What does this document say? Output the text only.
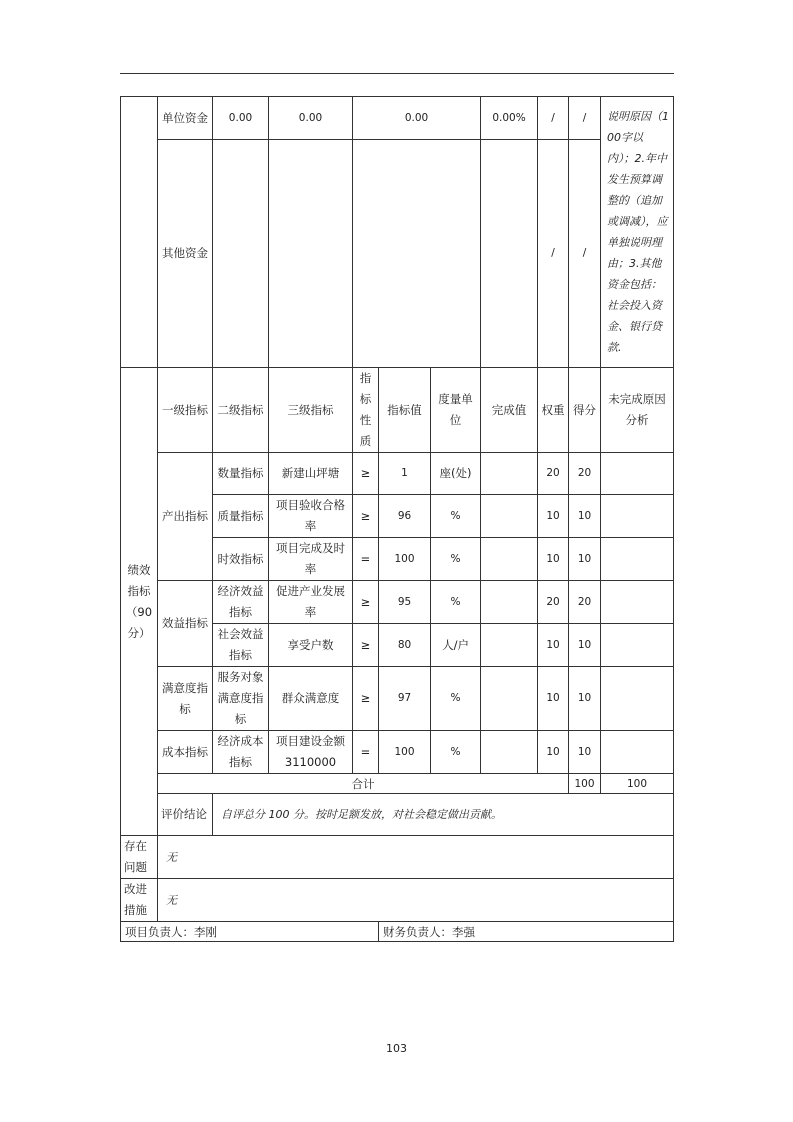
	单位资金	0.00	0.00	0.00			0.00%	/	/	说明原因（100字以内）；2.年中发生预算调整的（追加或调减），应单独说明理由；3.其他资金包括：社会投入资金、银行贷款.	
	其他资金							/	/		
绩效指标（90分）	一级指标	二级指标	三级指标	指标性质	指标值	度量单位	完成值	权重	得分	未完成原因分析	
	产出指标	数量指标	新建山坪塘	≥	1	座(处)		20	20		
		质量指标	项目验收合格率	≥	96	%		10	10		
		时效指标	项目完成及时率	=	100	%		10	10		
	效益指标	经济效益指标	促进产业发展率	≥	95	%		20	20		
		社会效益指标	享受户数	≥	80	人/户		10	10		
	满意度指标	服务对象满意度指标	群众满意度	≥	97	%		10	10		
	成本指标	经济成本指标	项目建设金额 3110000	=	100	%		10	10		
	合计								100	100	
	评价结论	自评总分 100 分。按时足额发放，对社会稳定做出贡献。									
存在问题	无										
改进措施	无										
项目负责人：李刚					财务负责人：李强						
103
